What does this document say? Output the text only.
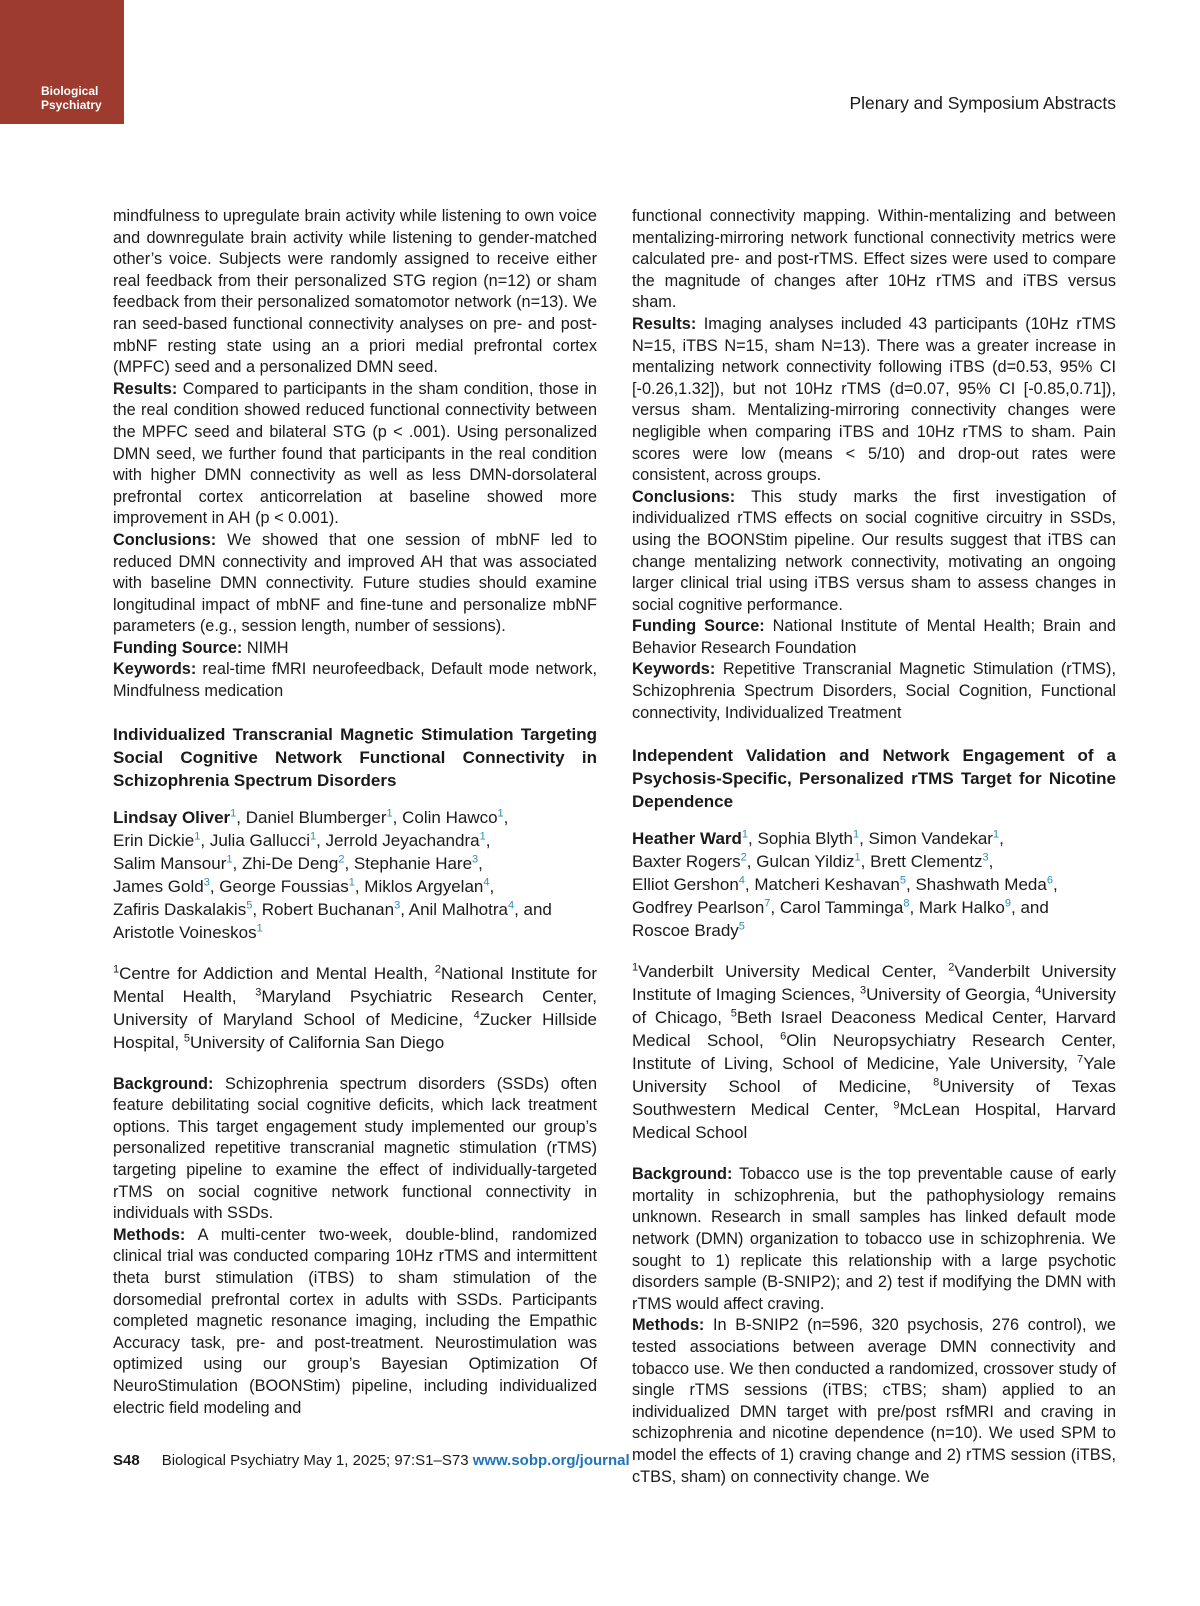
Biological
Psychiatry	Plenary and Symposium Abstracts

mindfulness to upregulate brain activity while listening to own voice and downregulate brain activity while listening to gender-matched other’s voice. Subjects were randomly assigned to receive either real feedback from their personalized STG region (n=12) or sham feedback from their personalized somatomotor network (n=13). We ran seed-based functional connectivity analyses on pre- and post-mbNF resting state using an a priori medial prefrontal cortex (MPFC) seed and a personalized DMN seed.

Results: Compared to participants in the sham condition, those in the real condition showed reduced functional connectivity between the MPFC seed and bilateral STG (p < .001). Using personalized DMN seed, we further found that participants in the real condition with higher DMN connectivity as well as less DMN-dorsolateral prefrontal cortex anticorrelation at baseline showed more improvement in AH (p < 0.001).

Conclusions: We showed that one session of mbNF led to reduced DMN connectivity and improved AH that was associated with baseline DMN connectivity. Future studies should examine longitudinal impact of mbNF and fine-tune and personalize mbNF parameters (e.g., session length, number of sessions).

Funding Source: NIMH

Keywords: real-time fMRI neurofeedback, Default mode network, Mindfulness medication

Individualized Transcranial Magnetic Stimulation Targeting Social Cognitive Network Functional Connectivity in Schizophrenia Spectrum Disorders

Lindsay Oliver$^1$, Daniel Blumberger$^1$, Colin Hawco$^1$,
Erin Dickie$^1$, Julia Gallucci$^1$, Jerrold Jeyachandra$^1$,
Salim Mansour$^1$, Zhi-De Deng$^2$, Stephanie Hare$^3$,
James Gold$^3$, George Foussias$^1$, Miklos Argyelan$^4$,
Zafiris Daskalakis$^5$, Robert Buchanan$^3$, Anil Malhotra$^4$, and
Aristotle Voineskos$^1$

$^1$Centre for Addiction and Mental Health, $^2$National Institute for Mental Health, $^3$Maryland Psychiatric Research Center, University of Maryland School of Medicine, $^4$Zucker Hillside Hospital, $^5$University of California San Diego

Background: Schizophrenia spectrum disorders (SSDs) often feature debilitating social cognitive deficits, which lack treatment options. This target engagement study implemented our group’s personalized repetitive transcranial magnetic stimulation (rTMS) targeting pipeline to examine the effect of individually-targeted rTMS on social cognitive network functional connectivity in individuals with SSDs.

Methods: A multi-center two-week, double-blind, randomized clinical trial was conducted comparing 10Hz rTMS and intermittent theta burst stimulation (iTBS) to sham stimulation of the dorsomedial prefrontal cortex in adults with SSDs. Participants completed magnetic resonance imaging, including the Empathic Accuracy task, pre- and post-treatment. Neurostimulation was optimized using our group’s Bayesian Optimization Of NeuroStimulation (BOONStim) pipeline, including individualized electric field modeling and

functional connectivity mapping. Within-mentalizing and between mentalizing-mirroring network functional connectivity metrics were calculated pre- and post-rTMS. Effect sizes were used to compare the magnitude of changes after 10Hz rTMS and iTBS versus sham.

Results: Imaging analyses included 43 participants (10Hz rTMS N=15, iTBS N=15, sham N=13). There was a greater increase in mentalizing network connectivity following iTBS (d=0.53, 95% CI [-0.26,1.32]), but not 10Hz rTMS (d=0.07, 95% CI [-0.85,0.71]), versus sham. Mentalizing-mirroring connectivity changes were negligible when comparing iTBS and 10Hz rTMS to sham. Pain scores were low (means < 5/10) and drop-out rates were consistent, across groups.

Conclusions: This study marks the first investigation of individualized rTMS effects on social cognitive circuitry in SSDs, using the BOONStim pipeline. Our results suggest that iTBS can change mentalizing network connectivity, motivating an ongoing larger clinical trial using iTBS versus sham to assess changes in social cognitive performance.

Funding Source: National Institute of Mental Health; Brain and Behavior Research Foundation

Keywords: Repetitive Transcranial Magnetic Stimulation (rTMS), Schizophrenia Spectrum Disorders, Social Cognition, Functional connectivity, Individualized Treatment

Independent Validation and Network Engagement of a Psychosis-Specific, Personalized rTMS Target for Nicotine Dependence

Heather Ward$^1$, Sophia Blyth$^1$, Simon Vandekar$^1$,
Baxter Rogers$^2$, Gulcan Yildiz$^1$, Brett Clementz$^3$,
Elliot Gershon$^4$, Matcheri Keshavan$^5$, Shashwath Meda$^6$,
Godfrey Pearlson$^7$, Carol Tamminga$^8$, Mark Halko$^9$, and
Roscoe Brady$^5$

$^1$Vanderbilt University Medical Center, $^2$Vanderbilt University Institute of Imaging Sciences, $^3$University of Georgia, $^4$University of Chicago, $^5$Beth Israel Deaconess Medical Center, Harvard Medical School, $^6$Olin Neuropsychiatry Research Center, Institute of Living, School of Medicine, Yale University, $^7$Yale University School of Medicine, $^8$University of Texas Southwestern Medical Center, $^9$McLean Hospital, Harvard Medical School

Background: Tobacco use is the top preventable cause of early mortality in schizophrenia, but the pathophysiology remains unknown. Research in small samples has linked default mode network (DMN) organization to tobacco use in schizophrenia. We sought to 1) replicate this relationship with a large psychotic disorders sample (B-SNIP2); and 2) test if modifying the DMN with rTMS would affect craving.

Methods: In B-SNIP2 (n=596, 320 psychosis, 276 control), we tested associations between average DMN connectivity and tobacco use. We then conducted a randomized, crossover study of single rTMS sessions (iTBS; cTBS; sham) applied to an individualized DMN target with pre/post rsfMRI and craving in schizophrenia and nicotine dependence (n=10). We used SPM to model the effects of 1) craving change and 2) rTMS session (iTBS, cTBS, sham) on connectivity change. We

S48 Biological Psychiatry May 1, 2025; 97:S1–S73 www.sobp.org/journal
